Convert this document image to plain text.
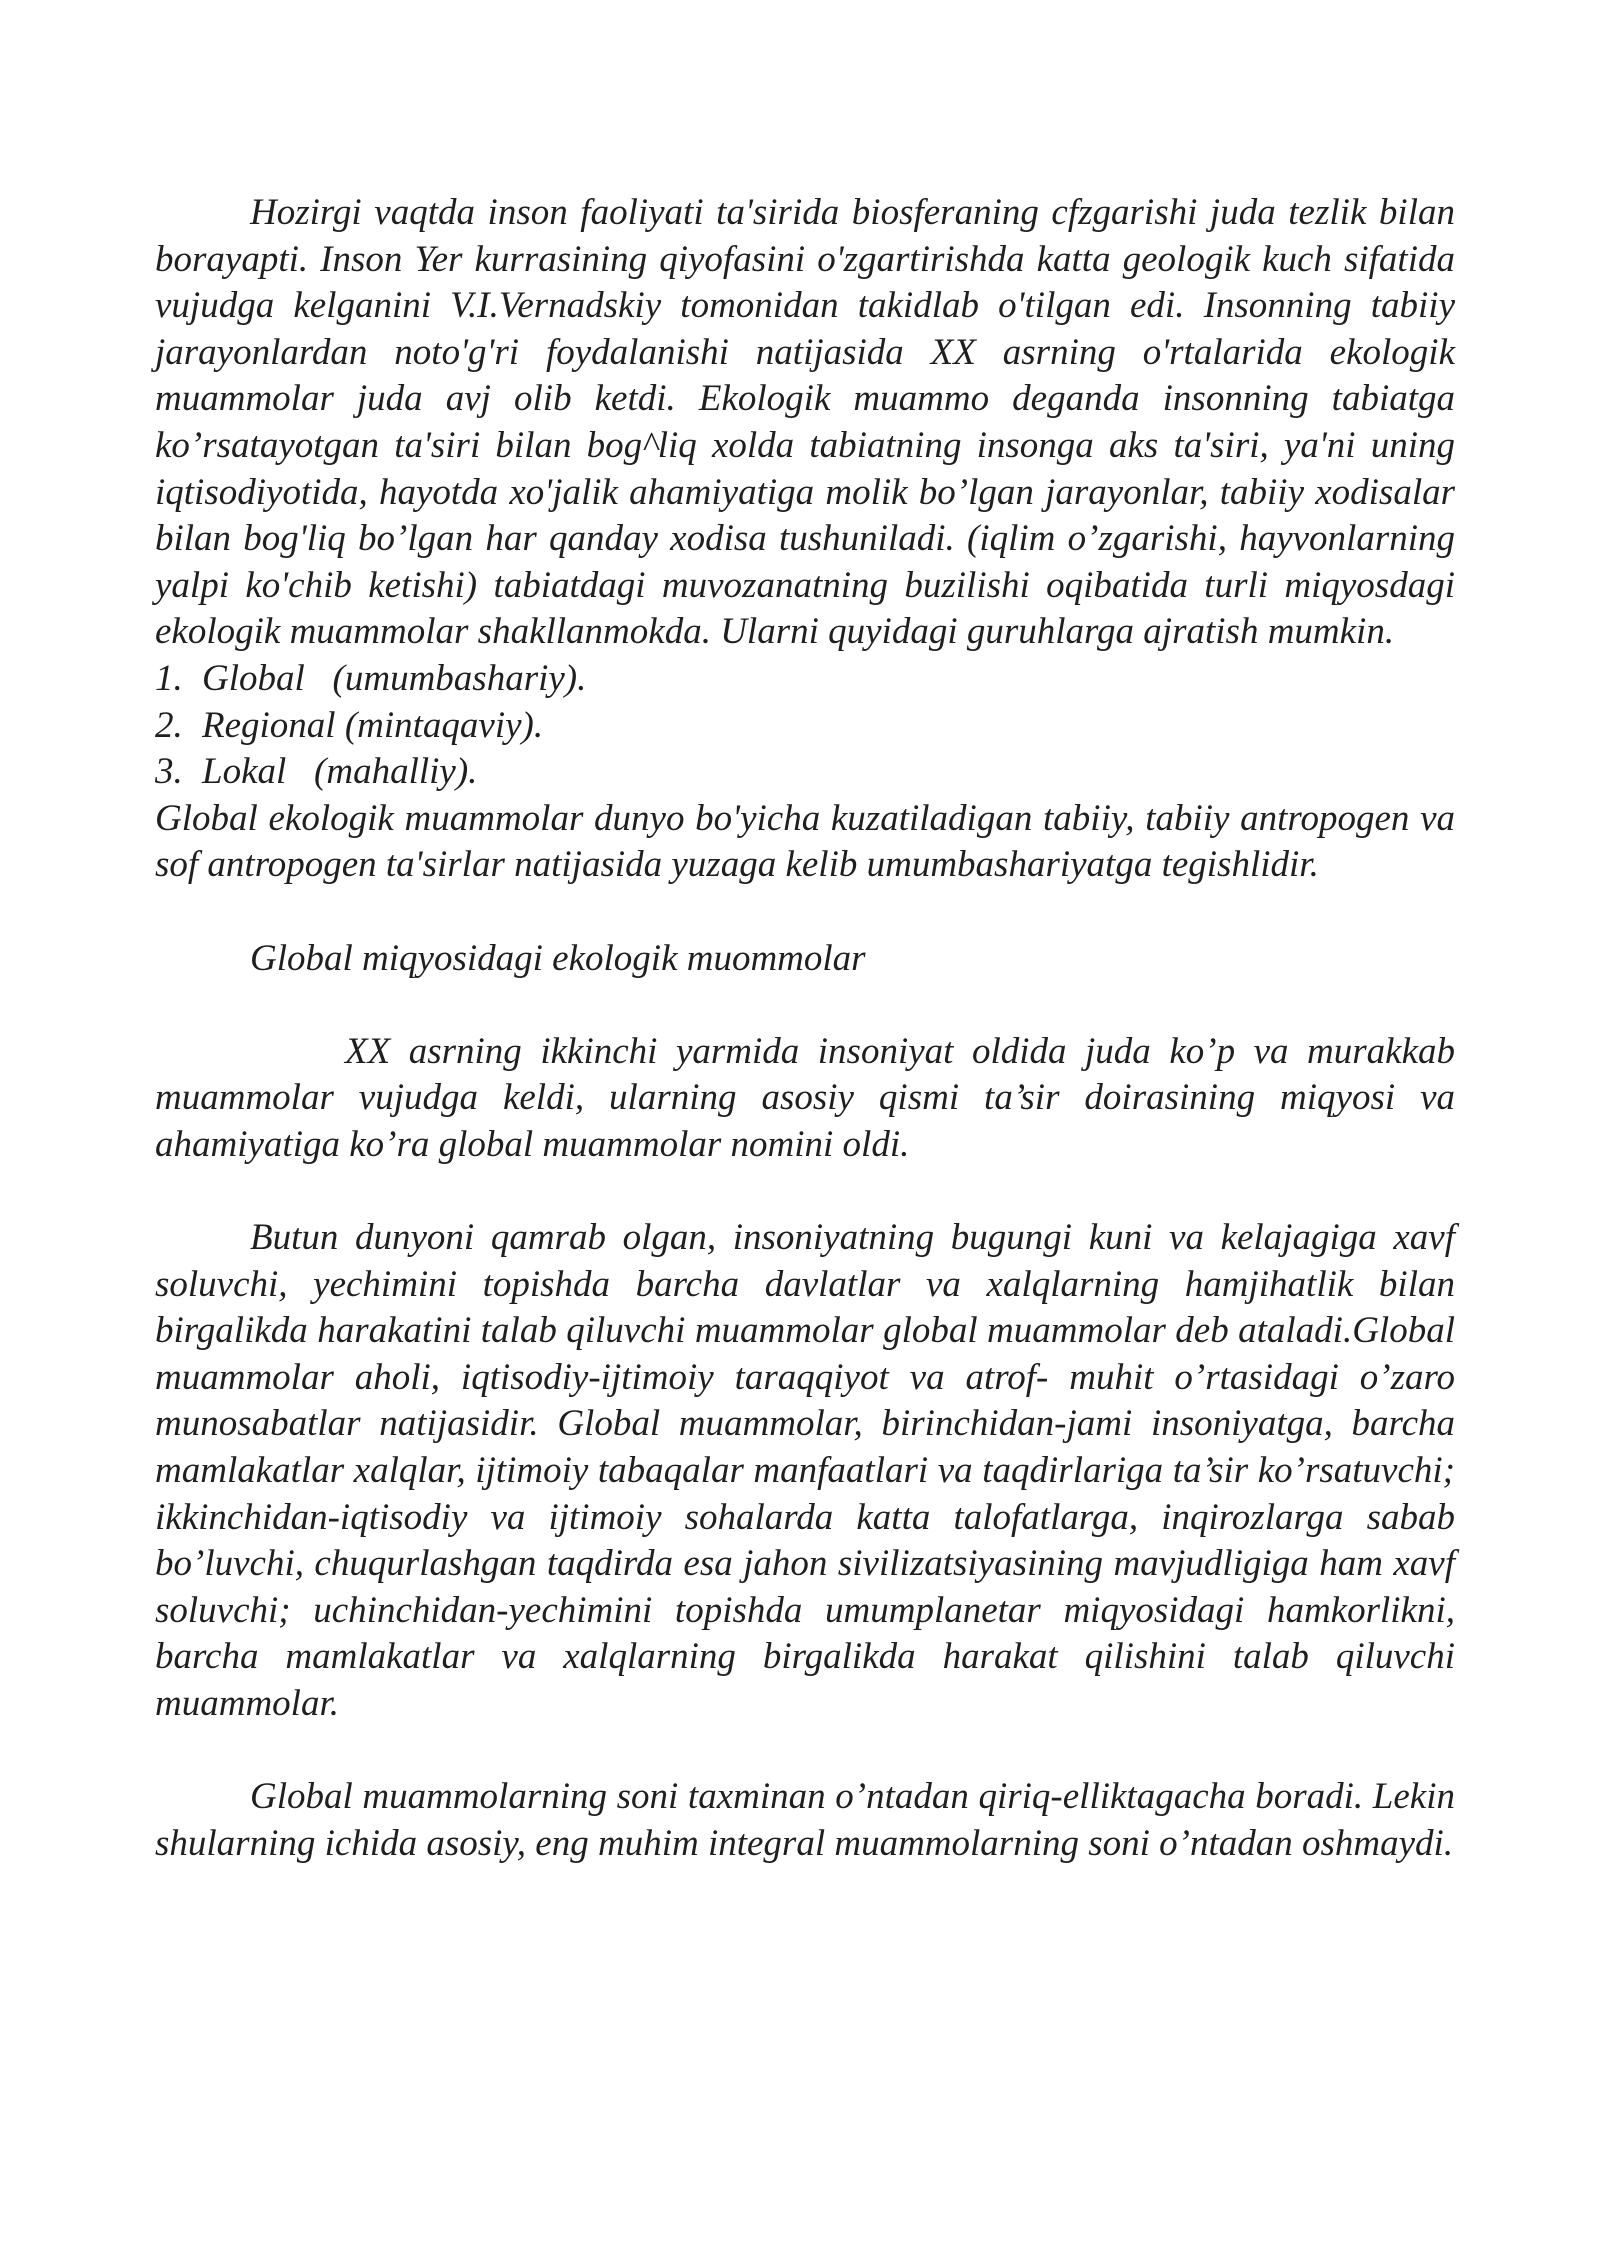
Hozirgi vaqtda inson faoliyati ta'sirida biosferaning cfzgarishi juda tezlik bilan borayapti. Inson Yer kurrasining qiyofasini o'zgartirishda katta geologik kuch sifatida vujudga kelganini V.I.Vernadskiy tomonidan takidlab o'tilgan edi. Insonning tabiiy jarayonlardan noto'g'ri foydalanishi natijasida XX asrning o'rtalarida ekologik muammolar juda avj olib ketdi. Ekologik muammo deganda insonning tabiatga ko’rsatayotgan ta'siri bilan bog^liq xolda tabiatning insonga aks ta'siri, ya'ni uning iqtisodiyotida, hayotda xo'jalik ahamiyatiga molik bo’lgan jarayonlar, tabiiy xodisalar bilan bog'liq bo’lgan har qanday xodisa tushuniladi. (iqlim o’zgarishi, hayvonlarning yalpi ko'chib ketishi) tabiatdagi muvozanatning buzilishi oqibatida turli miqyosdagi ekologik muammolar shakllanmokda. Ularni quyidagi guruhlarga ajratish mumkin.

1. Global   (umumbashariy).

2. Regional (mintaqaviy).

3. Lokal   (mahalliy).

Global ekologik muammolar dunyo bo'yicha kuzatiladigan tabiiy, tabiiy antropogen va sof antropogen ta'sirlar natijasida yuzaga kelib umumbashariyatga tegishlidir.

Global miqyosidagi ekologik muommolar

XX asrning ikkinchi yarmida insoniyat oldida juda ko’p va murakkab muammolar vujudga keldi, ularning asosiy qismi ta’sir doirasining miqyosi va ahamiyatiga ko’ra global muammolar nomini oldi.

Butun dunyoni qamrab olgan, insoniyatning bugungi kuni va kelajagiga xavf soluvchi, yechimini topishda barcha davlatlar va xalqlarning hamjihatlik bilan birgalikda harakatini talab qiluvchi muammolar global muammolar deb ataladi.Global muammolar aholi, iqtisodiy-ijtimoiy taraqqiyot va atrof- muhit o’rtasidagi o’zaro munosabatlar natijasidir. Global muammolar, birinchidan-jami insoniyatga, barcha mamlakatlar xalqlar, ijtimoiy tabaqalar manfaatlari va taqdirlariga ta’sir ko’rsatuvchi; ikkinchidan-iqtisodiy va ijtimoiy sohalarda katta talofatlarga, inqirozlarga sabab bo’luvchi, chuqurlashgan taqdirda esa jahon sivilizatsiyasining mavjudligiga ham xavf soluvchi; uchinchidan-yechimini topishda umumplanetar miqyosidagi hamkorlikni, barcha mamlakatlar va xalqlarning birgalikda harakat qilishini talab qiluvchi muammolar.

Global muammolarning soni taxminan o’ntadan qiriq-elliktagacha boradi. Lekin shularning ichida asosiy, eng muhim integral muammolarning soni o’ntadan oshmaydi.
